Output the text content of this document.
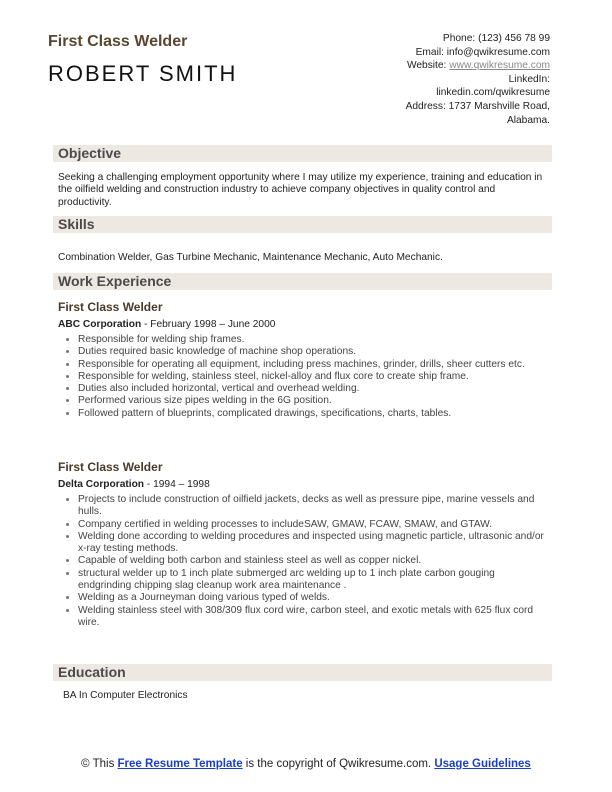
First Class Welder
ROBERT SMITH
Phone: (123) 456 78 99
Email: info@qwikresume.com
Website: www.qwikresume.com
LinkedIn:
linkedin.com/qwikresume
Address: 1737 Marshville Road,
Alabama.
Objective

Seeking a challenging employment opportunity where I may utilize my experience, training and education in the oilfield welding and construction industry to achieve company objectives in quality control and productivity.

Skills

Combination Welder, Gas Turbine Mechanic, Maintenance Mechanic, Auto Mechanic.

Work Experience
First Class Welder

ABC Corporation - February 1998 – June 2000

• Responsible for welding ship frames.
• Duties required basic knowledge of machine shop operations.
• Responsible for operating all equipment, including press machines, grinder, drills, sheer cutters etc.
• Responsible for welding, stainless steel, nickel-alloy and flux core to create ship frame.
• Duties also included horizontal, vertical and overhead welding.
• Performed various size pipes welding in the 6G position.
• Followed pattern of blueprints, complicated drawings, specifications, charts, tables.
First Class Welder

Delta Corporation - 1994 – 1998

• Projects to include construction of oilfield jackets, decks as well as pressure pipe, marine vessels and hulls.
• Company certified in welding processes to includeSAW, GMAW, FCAW, SMAW, and GTAW.
• Welding done according to welding procedures and inspected using magnetic particle, ultrasonic and/or x-ray testing methods.
• Capable of welding both carbon and stainless steel as well as copper nickel.
• structural welder up to 1 inch plate submerged arc welding up to 1 inch plate carbon gouging endgrinding chipping slag cleanup work area maintenance .
• Welding as a Journeyman doing various typed of welds.
• Welding stainless steel with 308/309 flux cord wire, carbon steel, and exotic metals with 625 flux cord wire.
Education

BA In Computer Electronics

© This Free Resume Template is the copyright of Qwikresume.com. Usage Guidelines
